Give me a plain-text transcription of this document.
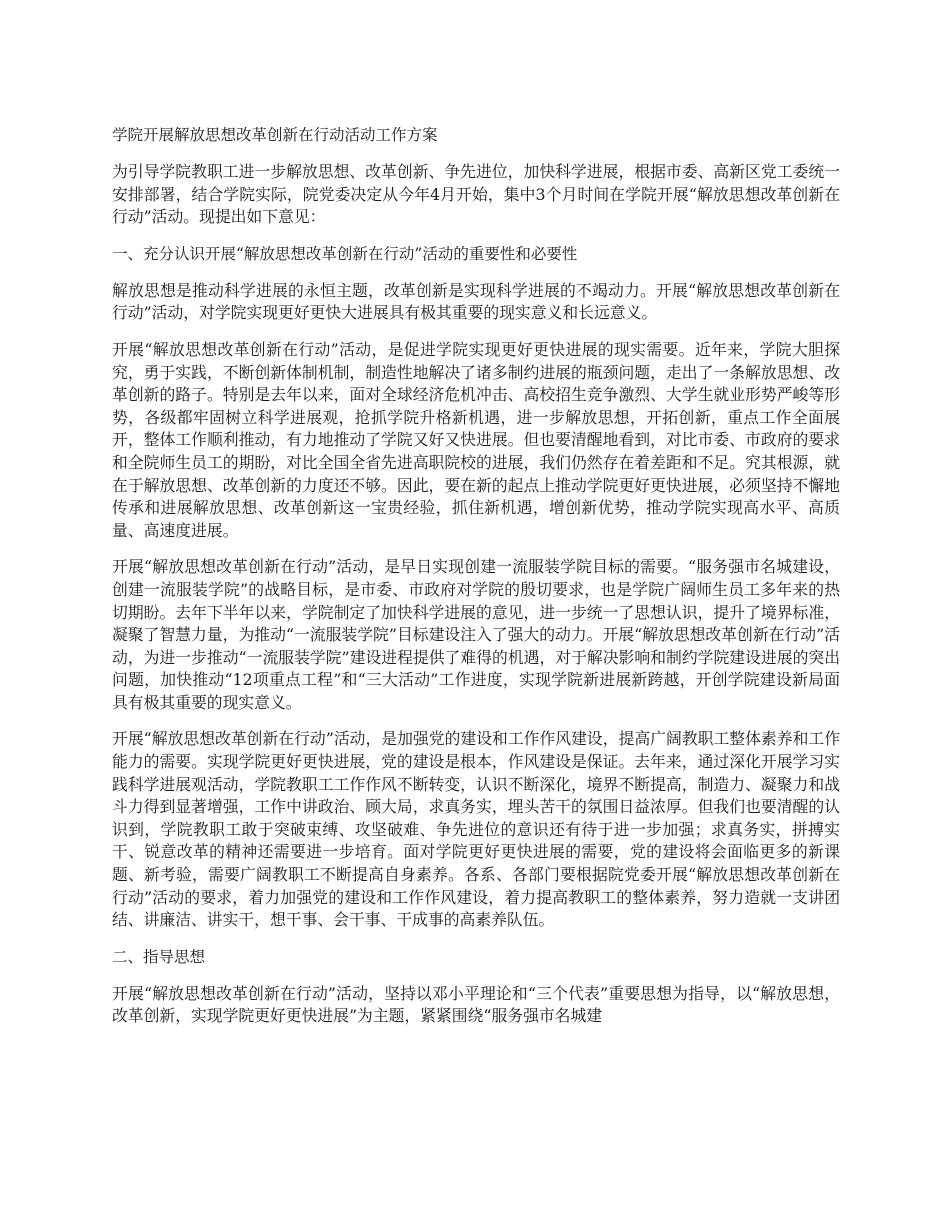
学院开展解放思想改革创新在行动活动工作方案

为引导学院教职工进一步解放思想、改革创新、争先进位，加快科学进展，根据市委、高新区党工委统一安排部署，结合学院实际，院党委决定从今年4月开始，集中3个月时间在学院开展“解放思想改革创新在行动”活动。现提出如下意见：

一、充分认识开展“解放思想改革创新在行动”活动的重要性和必要性

解放思想是推动科学进展的永恒主题，改革创新是实现科学进展的不竭动力。开展“解放思想改革创新在行动”活动，对学院实现更好更快大进展具有极其重要的现实意义和长远意义。

开展“解放思想改革创新在行动”活动，是促进学院实现更好更快进展的现实需要。近年来，学院大胆探究，勇于实践，不断创新体制机制，制造性地解决了诸多制约进展的瓶颈问题，走出了一条解放思想、改革创新的路子。特别是去年以来，面对全球经济危机冲击、高校招生竞争激烈、大学生就业形势严峻等形势，各级都牢固树立科学进展观，抢抓学院升格新机遇，进一步解放思想，开拓创新，重点工作全面展开，整体工作顺利推动，有力地推动了学院又好又快进展。但也要清醒地看到，对比市委、市政府的要求和全院师生员工的期盼，对比全国全省先进高职院校的进展，我们仍然存在着差距和不足。究其根源，就在于解放思想、改革创新的力度还不够。因此，要在新的起点上推动学院更好更快进展，必须坚持不懈地传承和进展解放思想、改革创新这一宝贵经验，抓住新机遇，增创新优势，推动学院实现高水平、高质量、高速度进展。

开展“解放思想改革创新在行动”活动，是早日实现创建一流服装学院目标的需要。“服务强市名城建设，创建一流服装学院”的战略目标，是市委、市政府对学院的殷切要求，也是学院广阔师生员工多年来的热切期盼。去年下半年以来，学院制定了加快科学进展的意见，进一步统一了思想认识，提升了境界标准，凝聚了智慧力量，为推动“一流服装学院”目标建设注入了强大的动力。开展“解放思想改革创新在行动”活动，为进一步推动“一流服装学院”建设进程提供了难得的机遇，对于解决影响和制约学院建设进展的突出问题，加快推动“12项重点工程”和“三大活动”工作进度，实现学院新进展新跨越，开创学院建设新局面具有极其重要的现实意义。

开展“解放思想改革创新在行动”活动，是加强党的建设和工作作风建设，提高广阔教职工整体素养和工作能力的需要。实现学院更好更快进展，党的建设是根本，作风建设是保证。去年来，通过深化开展学习实践科学进展观活动，学院教职工工作作风不断转变，认识不断深化，境界不断提高，制造力、凝聚力和战斗力得到显著增强，工作中讲政治、顾大局，求真务实，埋头苦干的氛围日益浓厚。但我们也要清醒的认识到，学院教职工敢于突破束缚、攻坚破难、争先进位的意识还有待于进一步加强；求真务实，拼搏实干、锐意改革的精神还需要进一步培育。面对学院更好更快进展的需要，党的建设将会面临更多的新课题、新考验，需要广阔教职工不断提高自身素养。各系、各部门要根据院党委开展“解放思想改革创新在行动”活动的要求，着力加强党的建设和工作作风建设，着力提高教职工的整体素养，努力造就一支讲团结、讲廉洁、讲实干，想干事、会干事、干成事的高素养队伍。

二、指导思想

开展“解放思想改革创新在行动”活动，坚持以邓小平理论和“三个代表”重要思想为指导，以“解放思想，改革创新，实现学院更好更快进展”为主题，紧紧围绕“服务强市名城建
